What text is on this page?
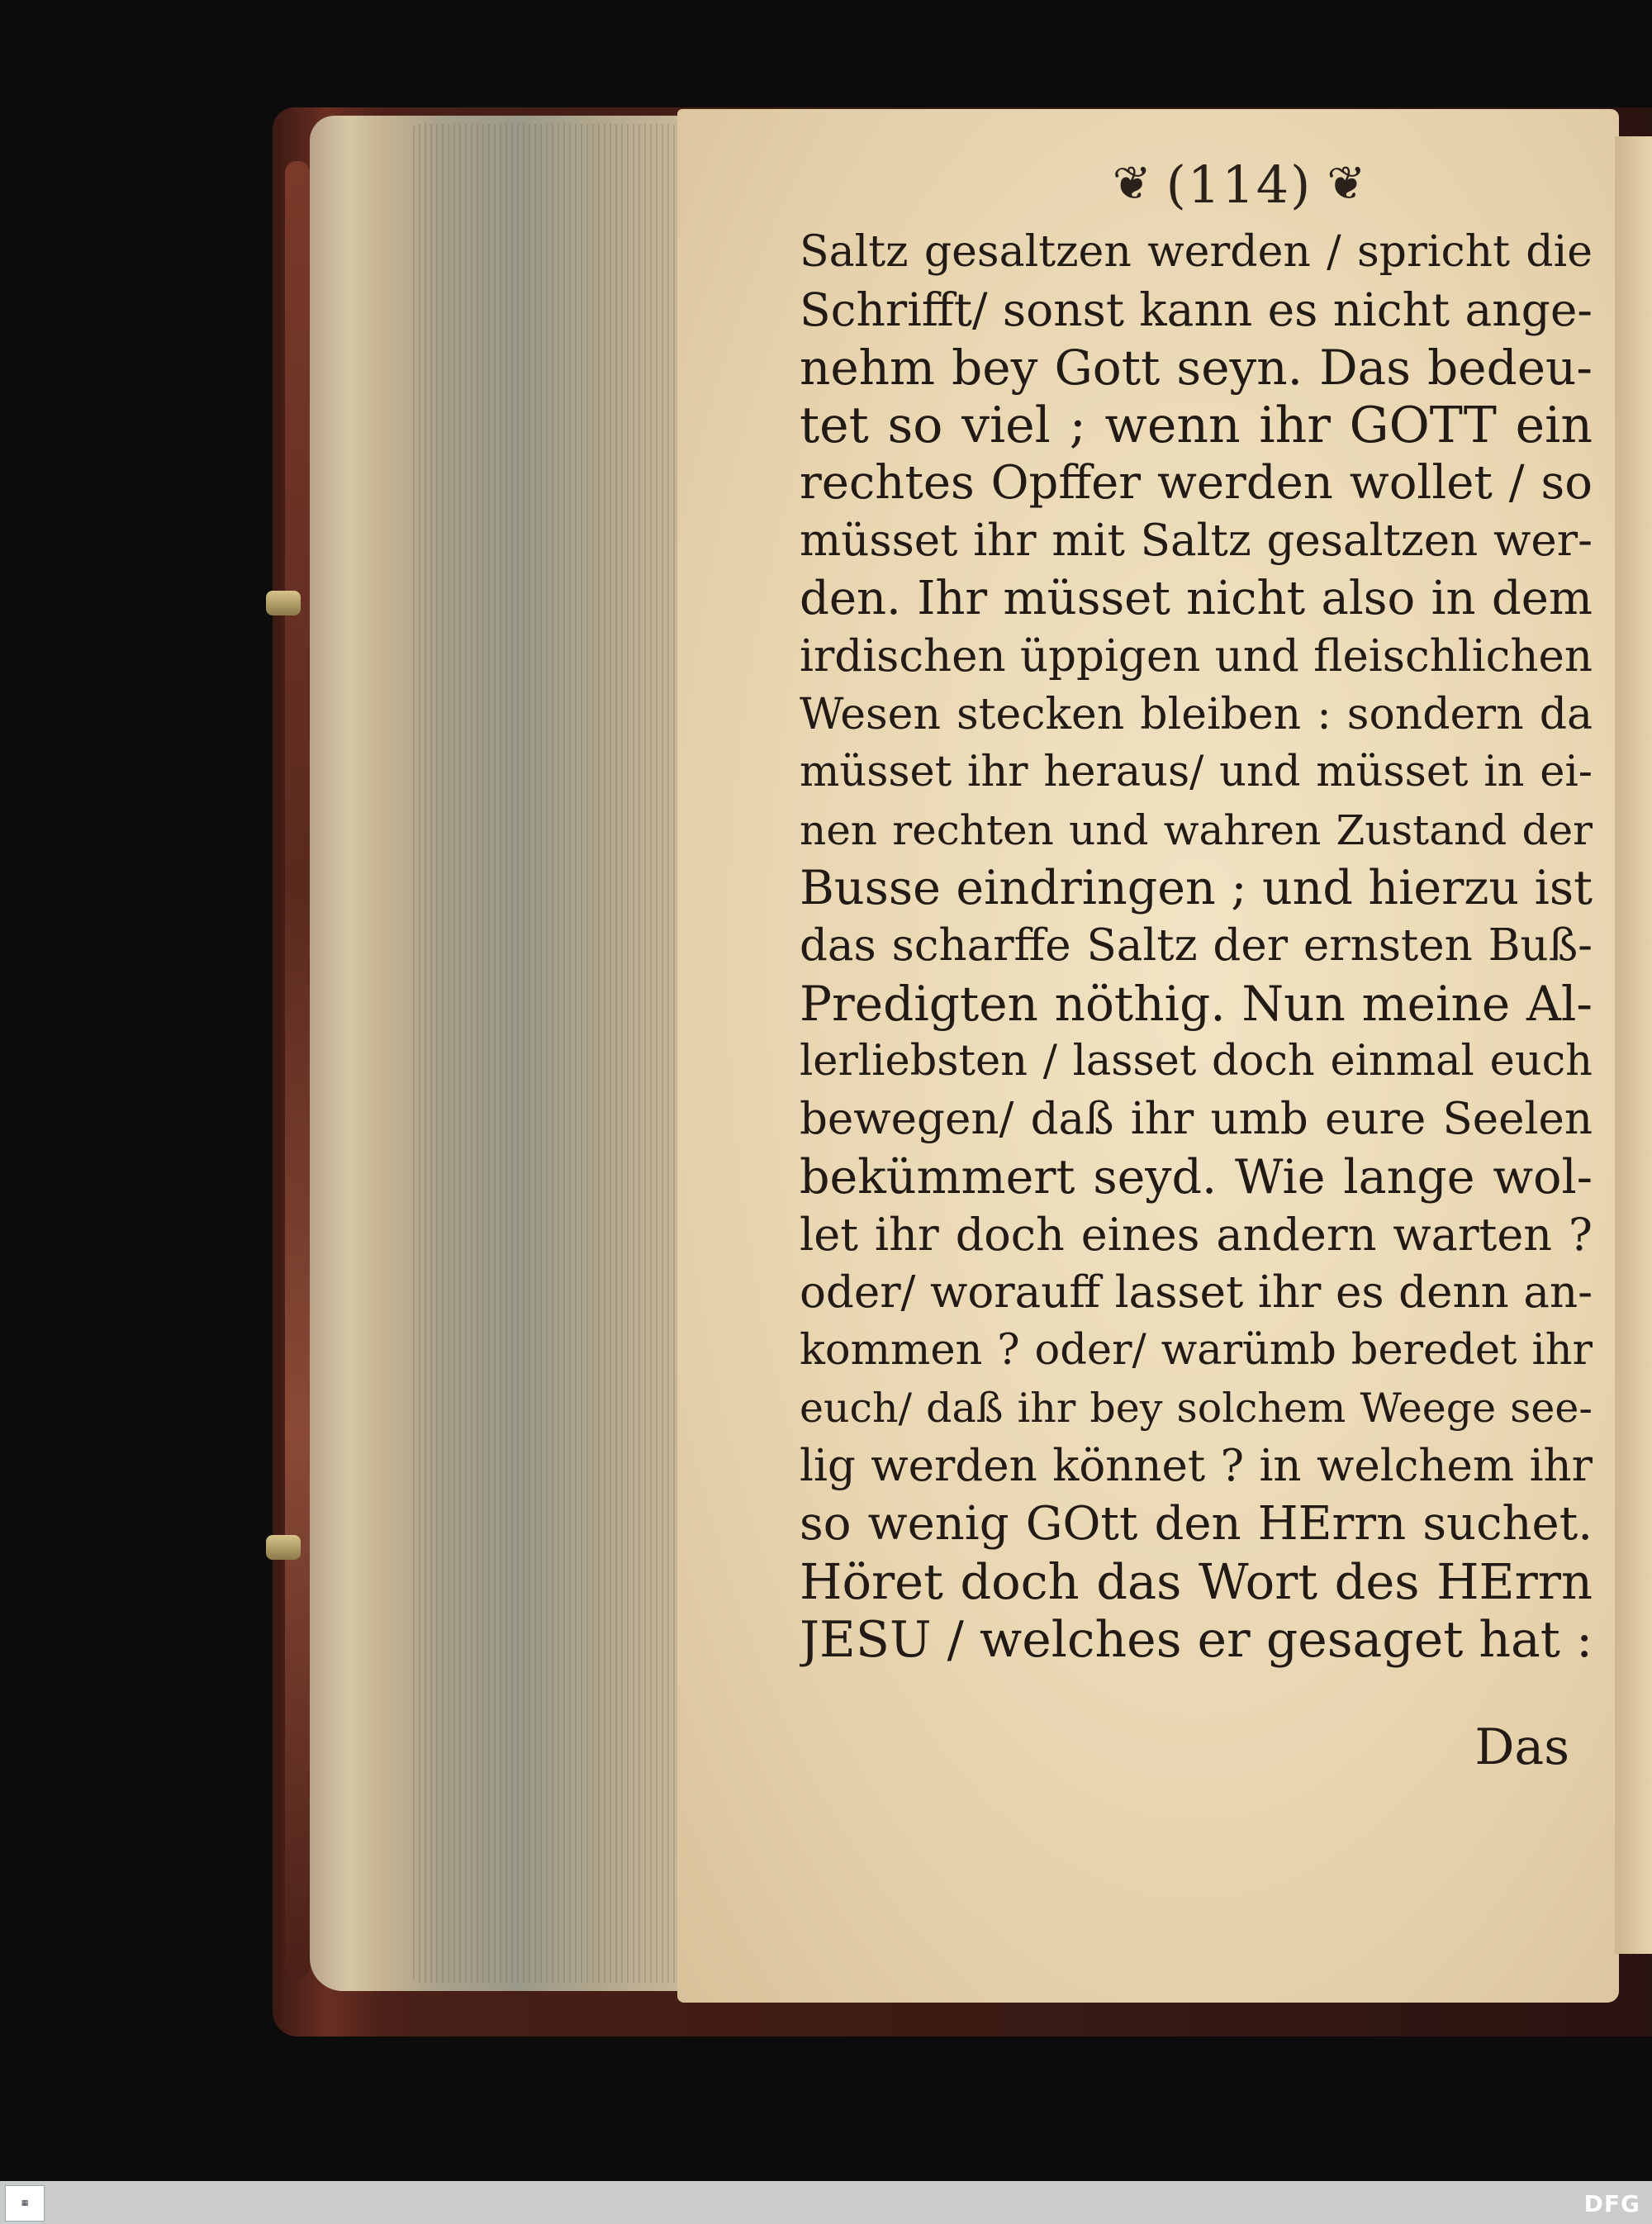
❦ (114) ❦
Saltz gesaltzen werden / spricht die
Schrifft/ sonst kann es nicht ange-
nehm bey Gott seyn. Das bedeu-
tet so viel ; wenn ihr GOTT ein
rechtes Opffer werden wollet / so
müsset ihr mit Saltz gesaltzen wer-
den. Ihr müsset nicht also in dem
irdischen üppigen und fleischlichen
Wesen stecken bleiben : sondern da
müsset ihr heraus/ und müsset in ei-
nen rechten und wahren Zustand der
Busse eindringen ; und hierzu ist
das scharffe Saltz der ernsten Buß-
Predigten nöthig. Nun meine Al-
lerliebsten / lasset doch einmal euch
bewegen/ daß ihr umb eure Seelen
bekümmert seyd. Wie lange wol-
let ihr doch eines andern warten ?
oder/ worauff lasset ihr es denn an-
kommen ? oder/ warümb beredet ihr
euch/ daß ihr bey solchem Weege see-
lig werden könnet ? in welchem ihr
so wenig GOtt den HErrn suchet.
Höret doch das Wort des HErrn
JESU / welches er gesaget hat :
Das
▦	DFG
